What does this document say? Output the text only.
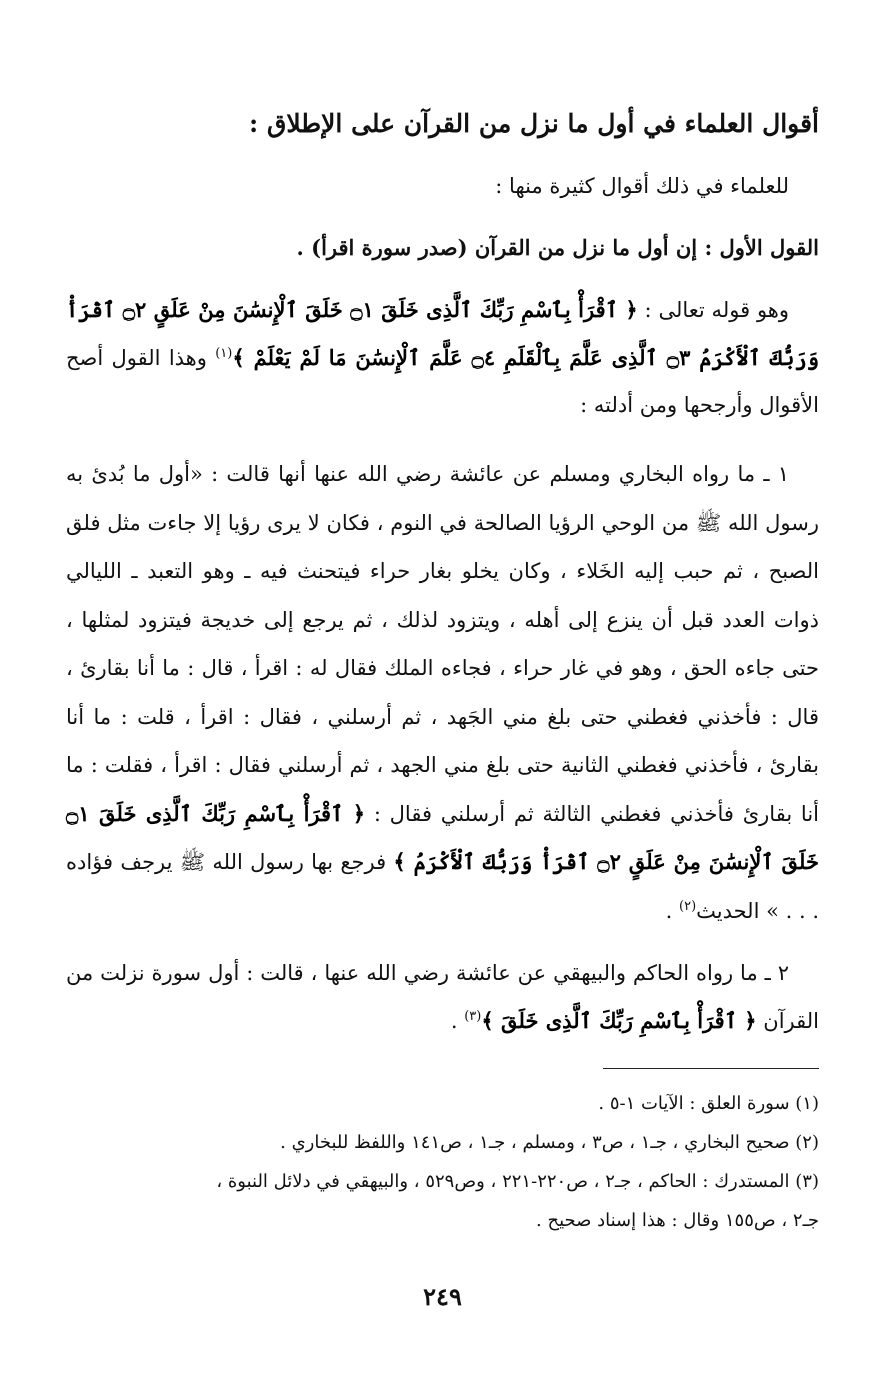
أقوال العلماء في أول ما نزل من القرآن على الإطلاق :

للعلماء في ذلك أقوال كثيرة منها :

القول الأول : إن أول ما نزل من القرآن (صدر سورة اقرأ) .

وهو قوله تعالى : ﴿ ٱقْرَأْ بِٱسْمِ رَبِّكَ ٱلَّذِى خَلَقَ ۝١ خَلَقَ ٱلْإِنسَٰنَ مِنْ عَلَقٍ ۝٢ ٱقْرَأْ وَرَبُّكَ ٱلْأَكْرَمُ ۝٣ ٱلَّذِى عَلَّمَ بِٱلْقَلَمِ ۝٤ عَلَّمَ ٱلْإِنسَٰنَ مَا لَمْ يَعْلَمْ ﴾$^{(١)}$ وهذا القول أصح الأقوال وأرجحها ومن أدلته :

١ ـ ما رواه البخاري ومسلم عن عائشة رضي الله عنها أنها قالت : «أول ما بُدئ به رسول الله ﷺ من الوحي الرؤيا الصالحة في النوم ، فكان لا يرى رؤيا إلا جاءت مثل فلق الصبح ، ثم حبب إليه الخَلاء ، وكان يخلو بغار حراء فيتحنث فيه ـ وهو التعبد ـ الليالي ذوات العدد قبل أن ينزع إلى أهله ، ويتزود لذلك ، ثم يرجع إلى خديجة فيتزود لمثلها ، حتى جاءه الحق ، وهو في غار حراء ، فجاءه الملك فقال له : اقرأ ، قال : ما أنا بقارئ ، قال : فأخذني فغطني حتى بلغ مني الجَهد ، ثم أرسلني ، فقال : اقرأ ، قلت : ما أنا بقارئ ، فأخذني فغطني الثانية حتى بلغ مني الجهد ، ثم أرسلني فقال : اقرأ ، فقلت : ما أنا بقارئ فأخذني فغطني الثالثة ثم أرسلني فقال : ﴿ ٱقْرَأْ بِٱسْمِ رَبِّكَ ٱلَّذِى خَلَقَ ۝١ خَلَقَ ٱلْإِنسَٰنَ مِنْ عَلَقٍ ۝٢ ٱقْرَأْ وَرَبُّكَ ٱلْأَكْرَمُ ﴾ فرجع بها رسول الله ﷺ يرجف فؤاده . . . » الحديث$^{(٢)}$ .

٢ ـ ما رواه الحاكم والبيهقي عن عائشة رضي الله عنها ، قالت : أول سورة نزلت من القرآن ﴿ ٱقْرَأْ بِٱسْمِ رَبِّكَ ٱلَّذِى خَلَقَ ﴾$^{(٣)}$ .

(١) سورة العلق : الآيات ١-٥ .

(٢) صحيح البخاري ، جـ١ ، ص٣ ، ومسلم ، جـ١ ، ص١٤١ واللفظ للبخاري .

(٣) المستدرك : الحاكم ، جـ٢ ، ص٢٢٠-٢٢١ ، وص٥٢٩ ، والبيهقي في دلائل النبوة ،

جـ٢ ، ص١٥٥ وقال : هذا إسناد صحيح .

٢٤٩
